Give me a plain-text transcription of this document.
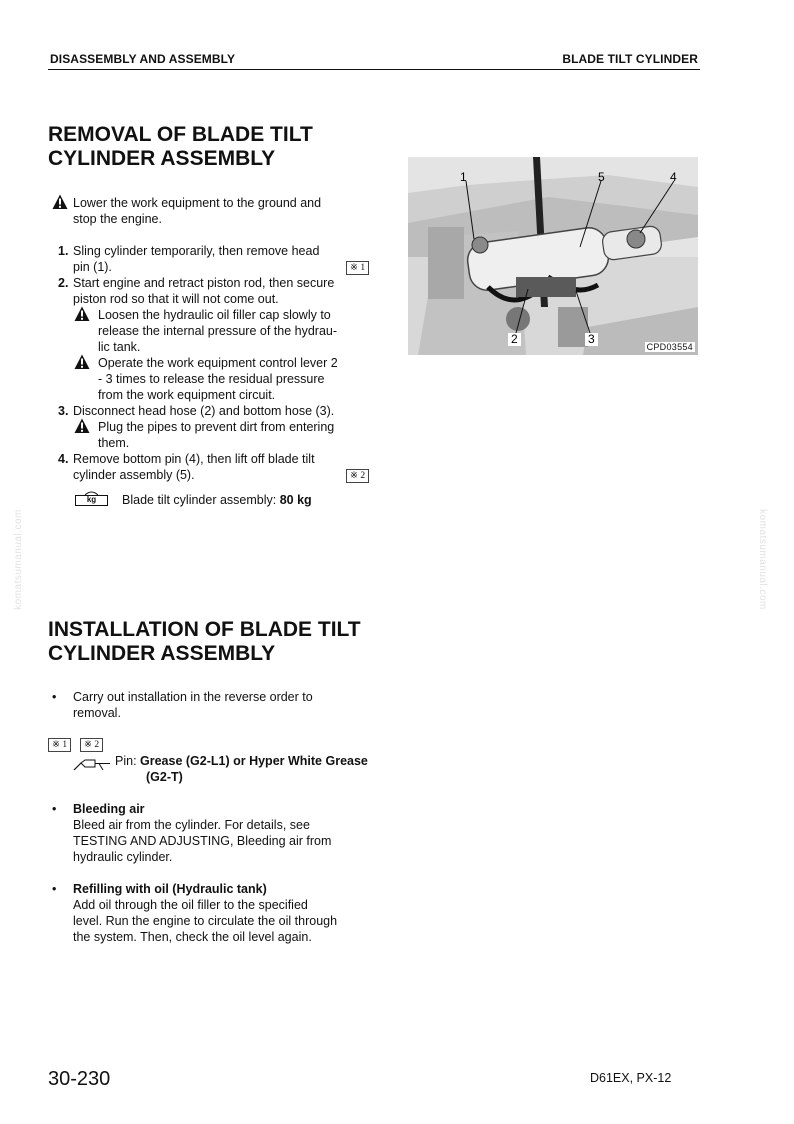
DISASSEMBLY AND ASSEMBLY	BLADE TILT CYLINDER
REMOVAL OF BLADE TILT
CYLINDER ASSEMBLY
Lower the work equipment to the ground and
stop the engine.
1. Sling cylinder temporarily, then remove head
pin (1).	※ 1
2. Start engine and retract piston rod, then secure
piston rod so that it will not come out.
Loosen the hydraulic oil filler cap slowly to
release the internal pressure of the hydrau-
lic tank.
Operate the work equipment control lever 2
- 3 times to release the residual pressure
from the work equipment circuit.
3. Disconnect head hose (2) and bottom hose (3).
Plug the pipes to prevent dirt from entering
them.
4. Remove bottom pin (4), then lift off blade tilt
cylinder assembly (5).	※ 2
kg	Blade tilt cylinder assembly: 80 kg
1	5	4
2	3
CPD03554
INSTALLATION OF BLADE TILT
CYLINDER ASSEMBLY
• Carry out installation in the reverse order to
removal.
※ 1	※ 2
Pin: Grease (G2-L1) or Hyper White Grease
(G2-T)
• Bleeding air
Bleed air from the cylinder. For details, see
TESTING AND ADJUSTING, Bleeding air from
hydraulic cylinder.
• Refilling with oil (Hydraulic tank)
Add oil through the oil filler to the specified
level. Run the engine to circulate the oil through
the system. Then, check the oil level again.
komatsumanual.com	komatsumanual.com
30-230	D61EX, PX-12
